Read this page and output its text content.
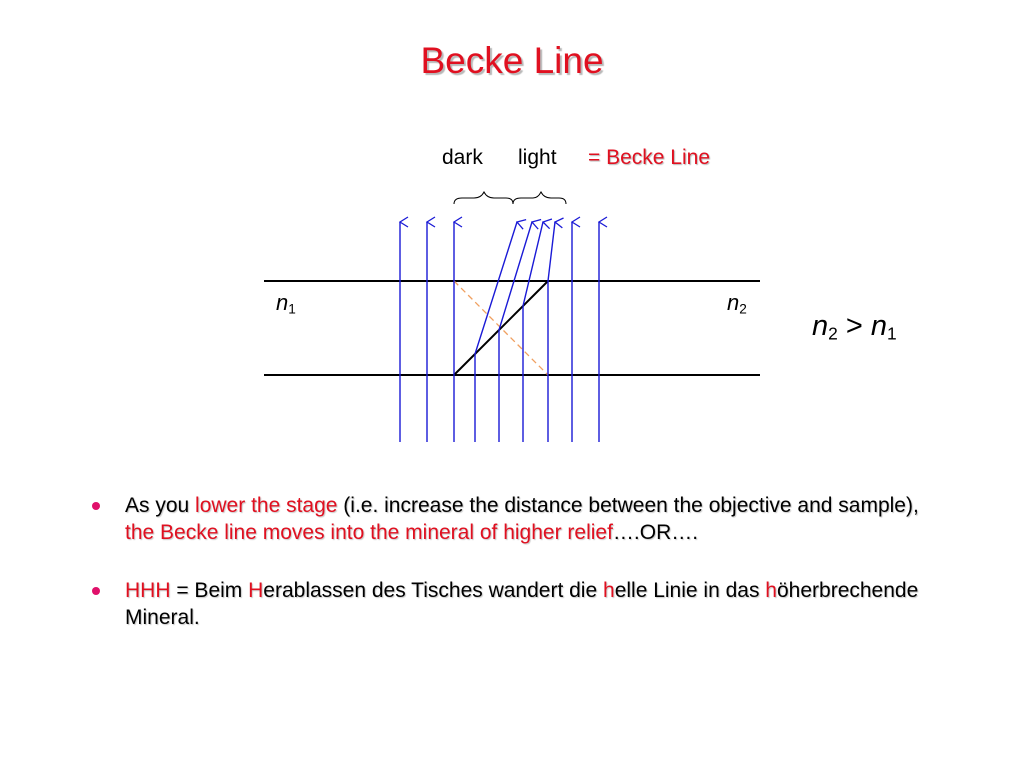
Becke Line
dark light = Becke Line
$n_1$	$n_2$
$n_2 > n_1$
As you lower the stage (i.e. increase the distance between the objective and sample), the Becke line moves into the mineral of higher relief….OR….
HHH = Beim Herablassen des Tisches wandert die helle Linie in das höherbrechende Mineral.
